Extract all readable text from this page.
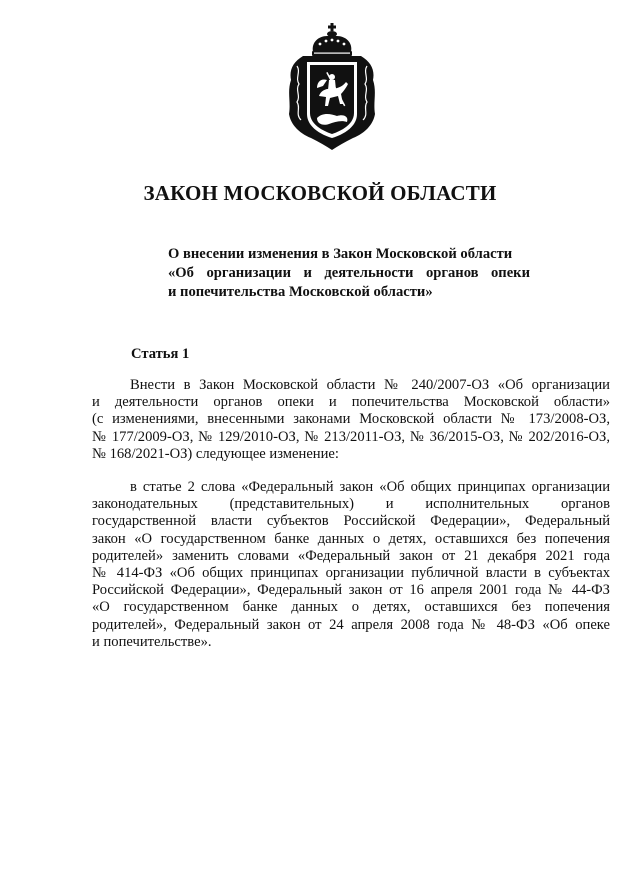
ЗАКОН МОСКОВСКОЙ ОБЛАСТИ
О внесении изменения в Закон Московской области
«Об организации и деятельности органов опеки
и попечительства Московской области»
Статья 1
Внести в Закон Московской области № 240/2007-ОЗ «Об организации
и деятельности органов опеки и попечительства Московской области»
(с изменениями, внесенными законами Московской области № 173/2008-ОЗ,
№ 177/2009-ОЗ, № 129/2010-ОЗ, № 213/2011-ОЗ, № 36/2015-ОЗ, № 202/2016-ОЗ,
№ 168/2021-ОЗ) следующее изменение:
в статье 2 слова «Федеральный закон «Об общих принципах организации
законодательных (представительных) и исполнительных органов
государственной власти субъектов Российской Федерации», Федеральный
закон «О государственном банке данных о детях, оставшихся без попечения
родителей» заменить словами «Федеральный закон от 21 декабря 2021 года
№ 414-ФЗ «Об общих принципах организации публичной власти в субъектах
Российской Федерации», Федеральный закон от 16 апреля 2001 года № 44-ФЗ
«О государственном банке данных о детях, оставшихся без попечения
родителей», Федеральный закон от 24 апреля 2008 года № 48-ФЗ «Об опеке
и попечительстве».
